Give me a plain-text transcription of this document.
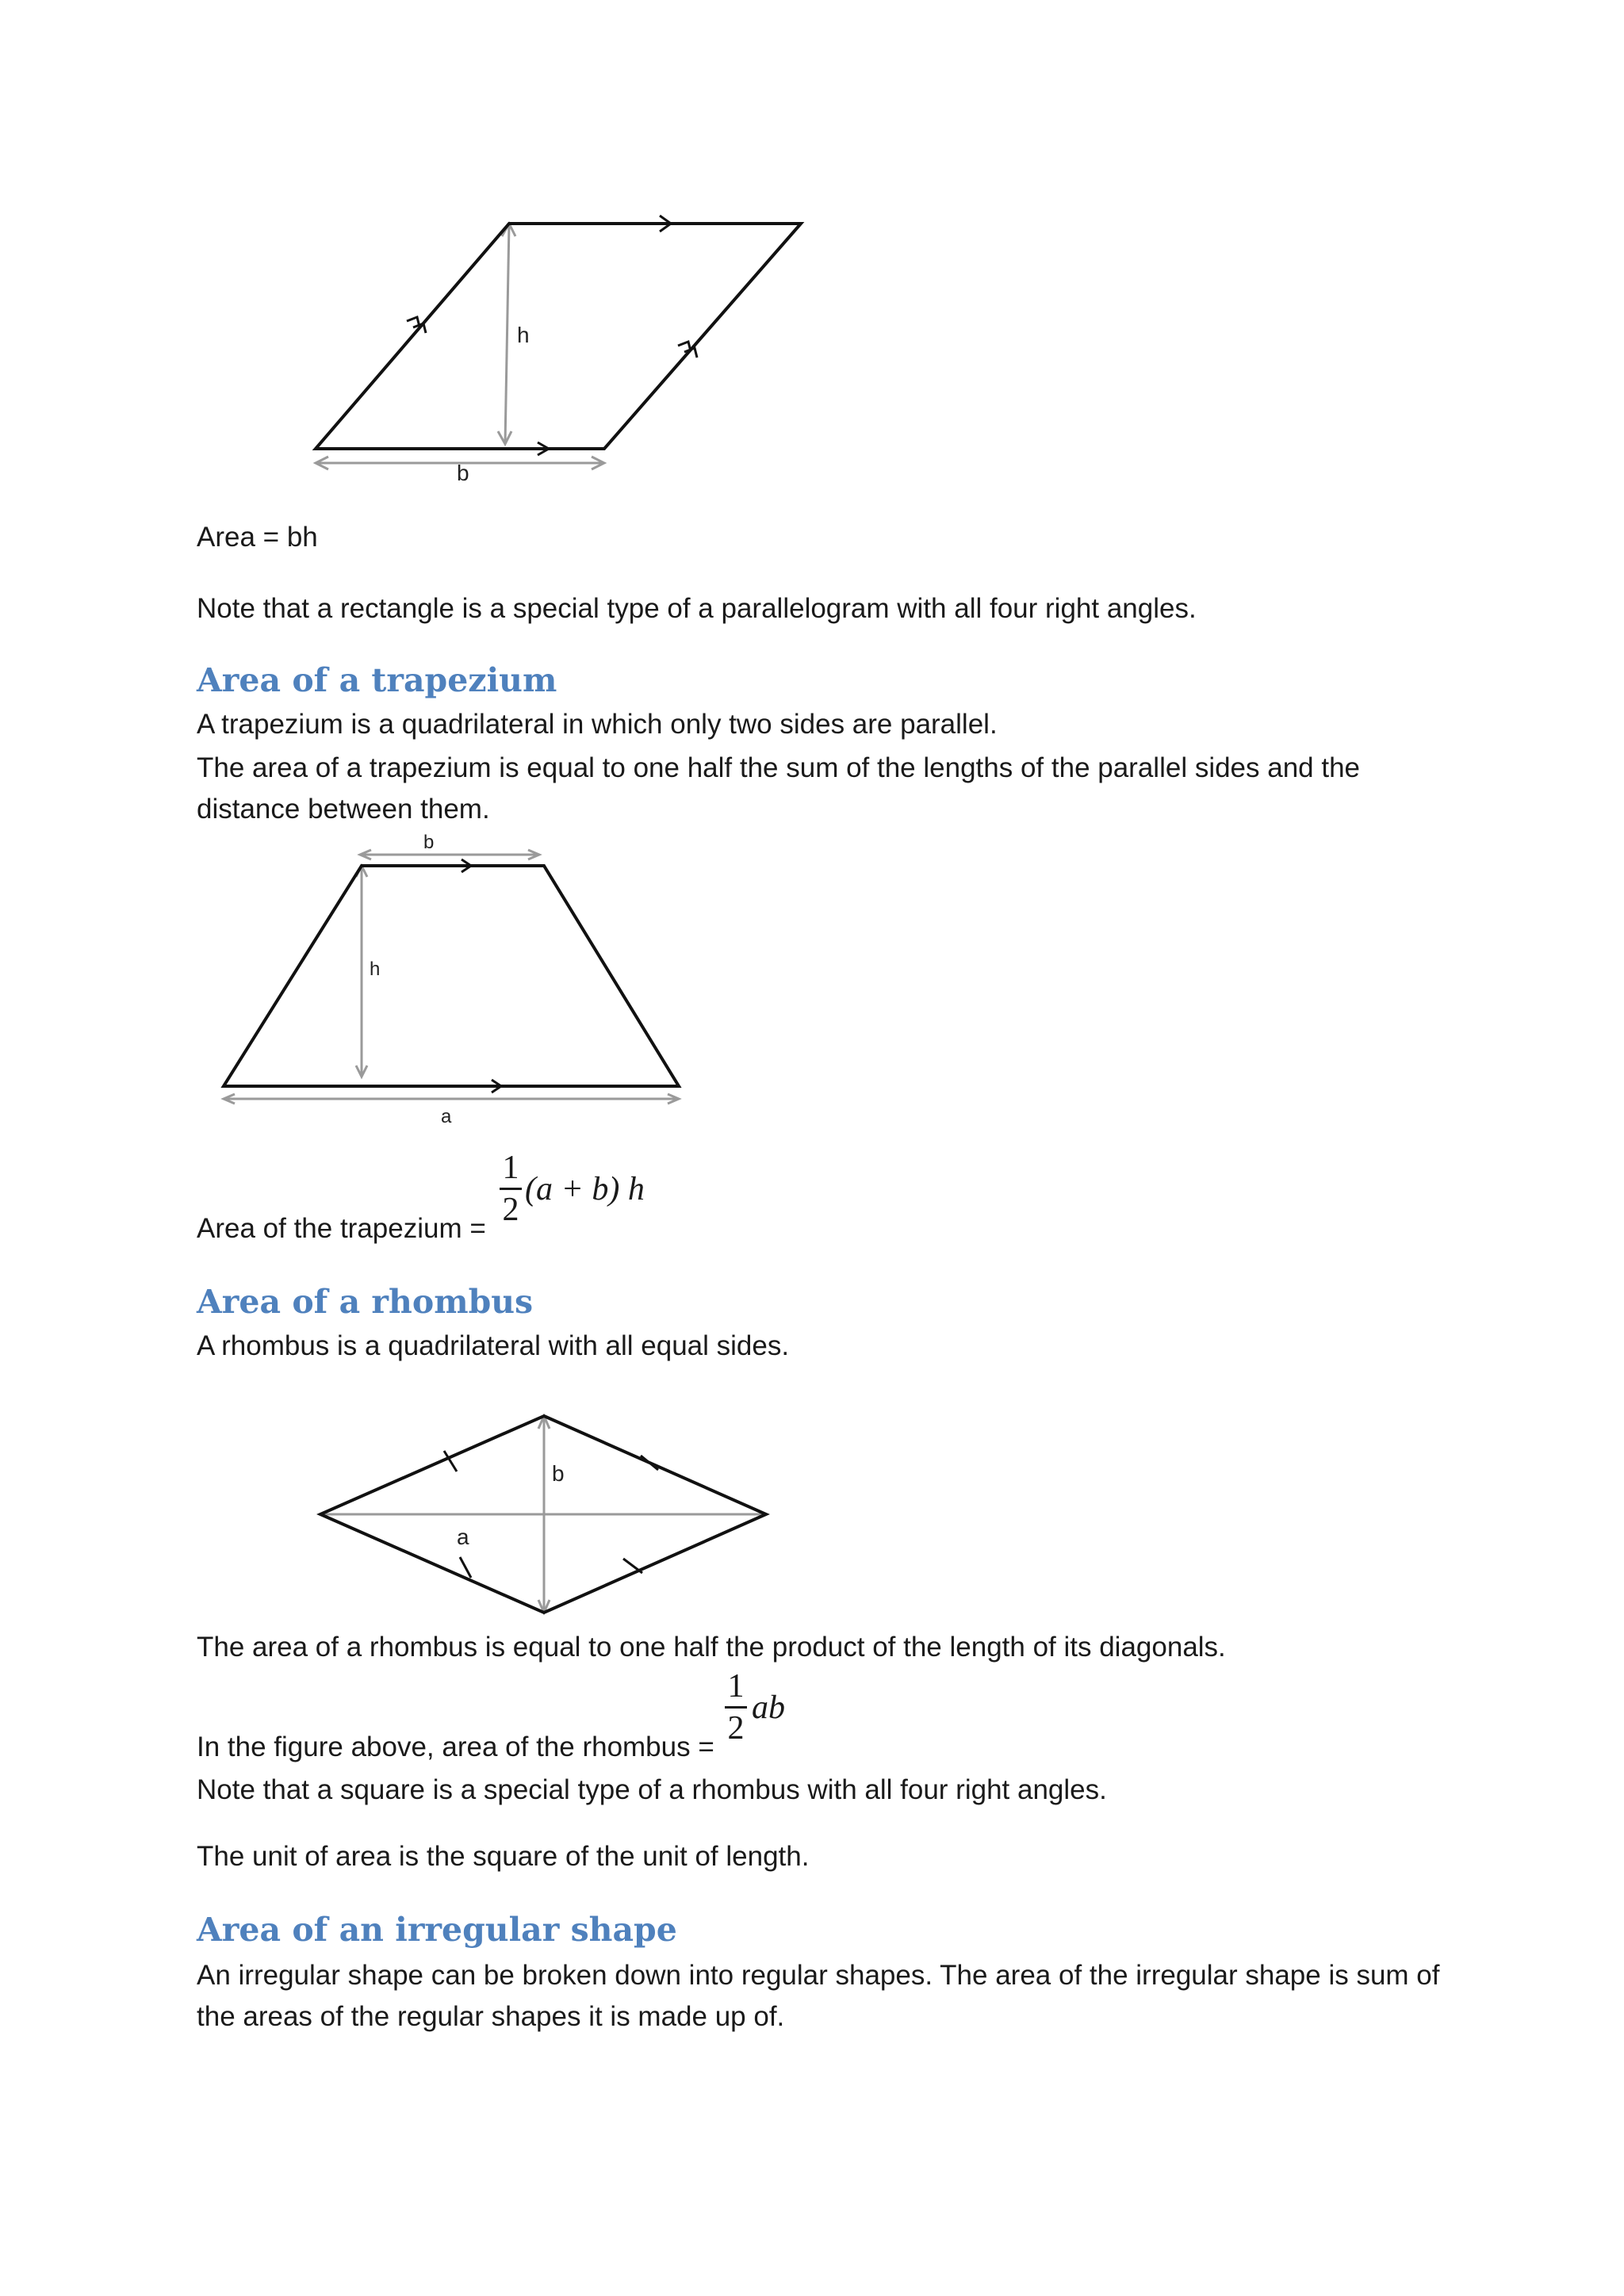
h
b
Area = bh
Note that a rectangle is a special type of a parallelogram with all four right angles.
Area of a trapezium
A trapezium is a quadrilateral in which only two sides are parallel.
The area of a trapezium is equal to one half the sum of the lengths of the parallel sides and the
distance between them.
b
h
a
Area of the trapezium =
1
2
(a + b) h
Area of a rhombus
A rhombus is a quadrilateral with all equal sides.
b
a
The area of a rhombus is equal to one half the product of the length of its diagonals.
In the figure above, area of the rhombus =
1
2
ab
Note that a square is a special type of a rhombus with all four right angles.
The unit of area is the square of the unit of length.
Area of an irregular shape
An irregular shape can be broken down into regular shapes. The area of the irregular shape is sum of
the areas of the regular shapes it is made up of.
